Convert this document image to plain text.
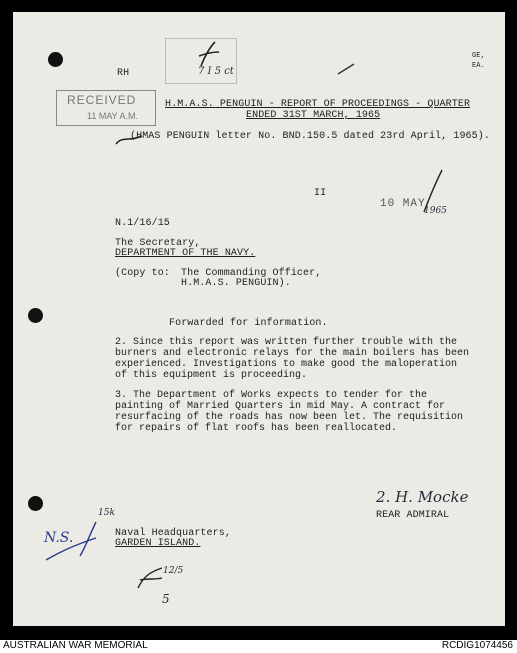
RH
RECEIVED
11 MAY A.M.
7 I 5 ct
GE,
EA.
H.M.A.S. PENGUIN - REPORT OF PROCEEDINGS - QUARTER
ENDED 31ST MARCH, 1965
(HMAS PENGUIN letter No. BND.150.5 dated 23rd April, 1965).
II
10 MAY
1965
N.1/16/15
The Secretary,
DEPARTMENT OF THE NAVY.
(Copy to: The Commanding Officer,
H.M.A.S. PENGUIN).
Forwarded for information.

2. Since this report was written further trouble with the burners and electronic relays for the main boilers has been experienced. Investigations to make good the maloperation of this equipment is proceeding.

3. The Department of Works expects to tender for the painting of Married Quarters in mid May. A contract for resurfacing of the roads has now been let. The requisition for repairs of flat roofs has been reallocated.

2. H. Mocke
REAR ADMIRAL
Naval Headquarters,
GARDEN ISLAND.
N.S.
15k
12/5
5
AUSTRALIAN WAR MEMORIAL	RCDIG1074456
